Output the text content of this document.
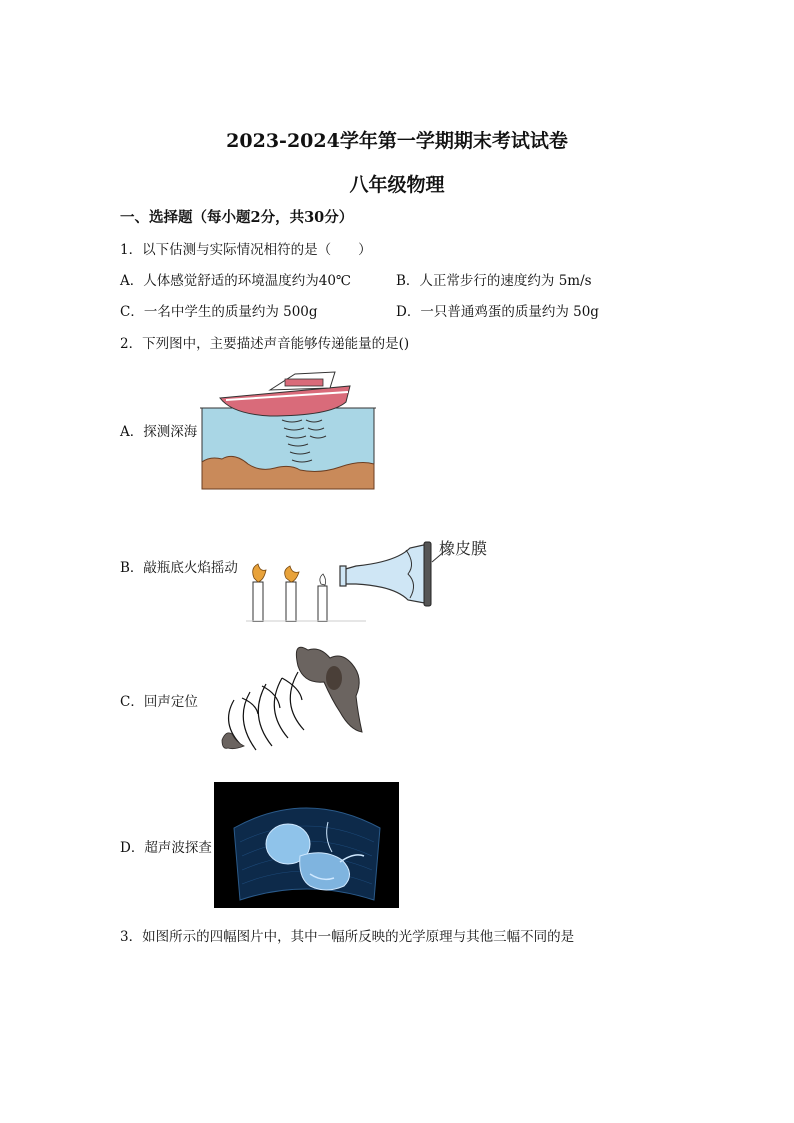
2023-2024学年第一学期期末考试试卷
八年级物理
一、选择题（每小题2分，共30分）
1．以下估测与实际情况相符的是（　　）
A．人体感觉舒适的环境温度约为40℃	B．人正常步行的速度约为 5m/s
C．一名中学生的质量约为 500g	D．一只普通鸡蛋的质量约为 50g
2．下列图中，主要描述声音能够传递能量的是()
A．探测深海
B．敲瓶底火焰摇动
橡皮膜
C．回声定位
D．超声波探查
3．如图所示的四幅图片中，其中一幅所反映的光学原理与其他三幅不同的是
